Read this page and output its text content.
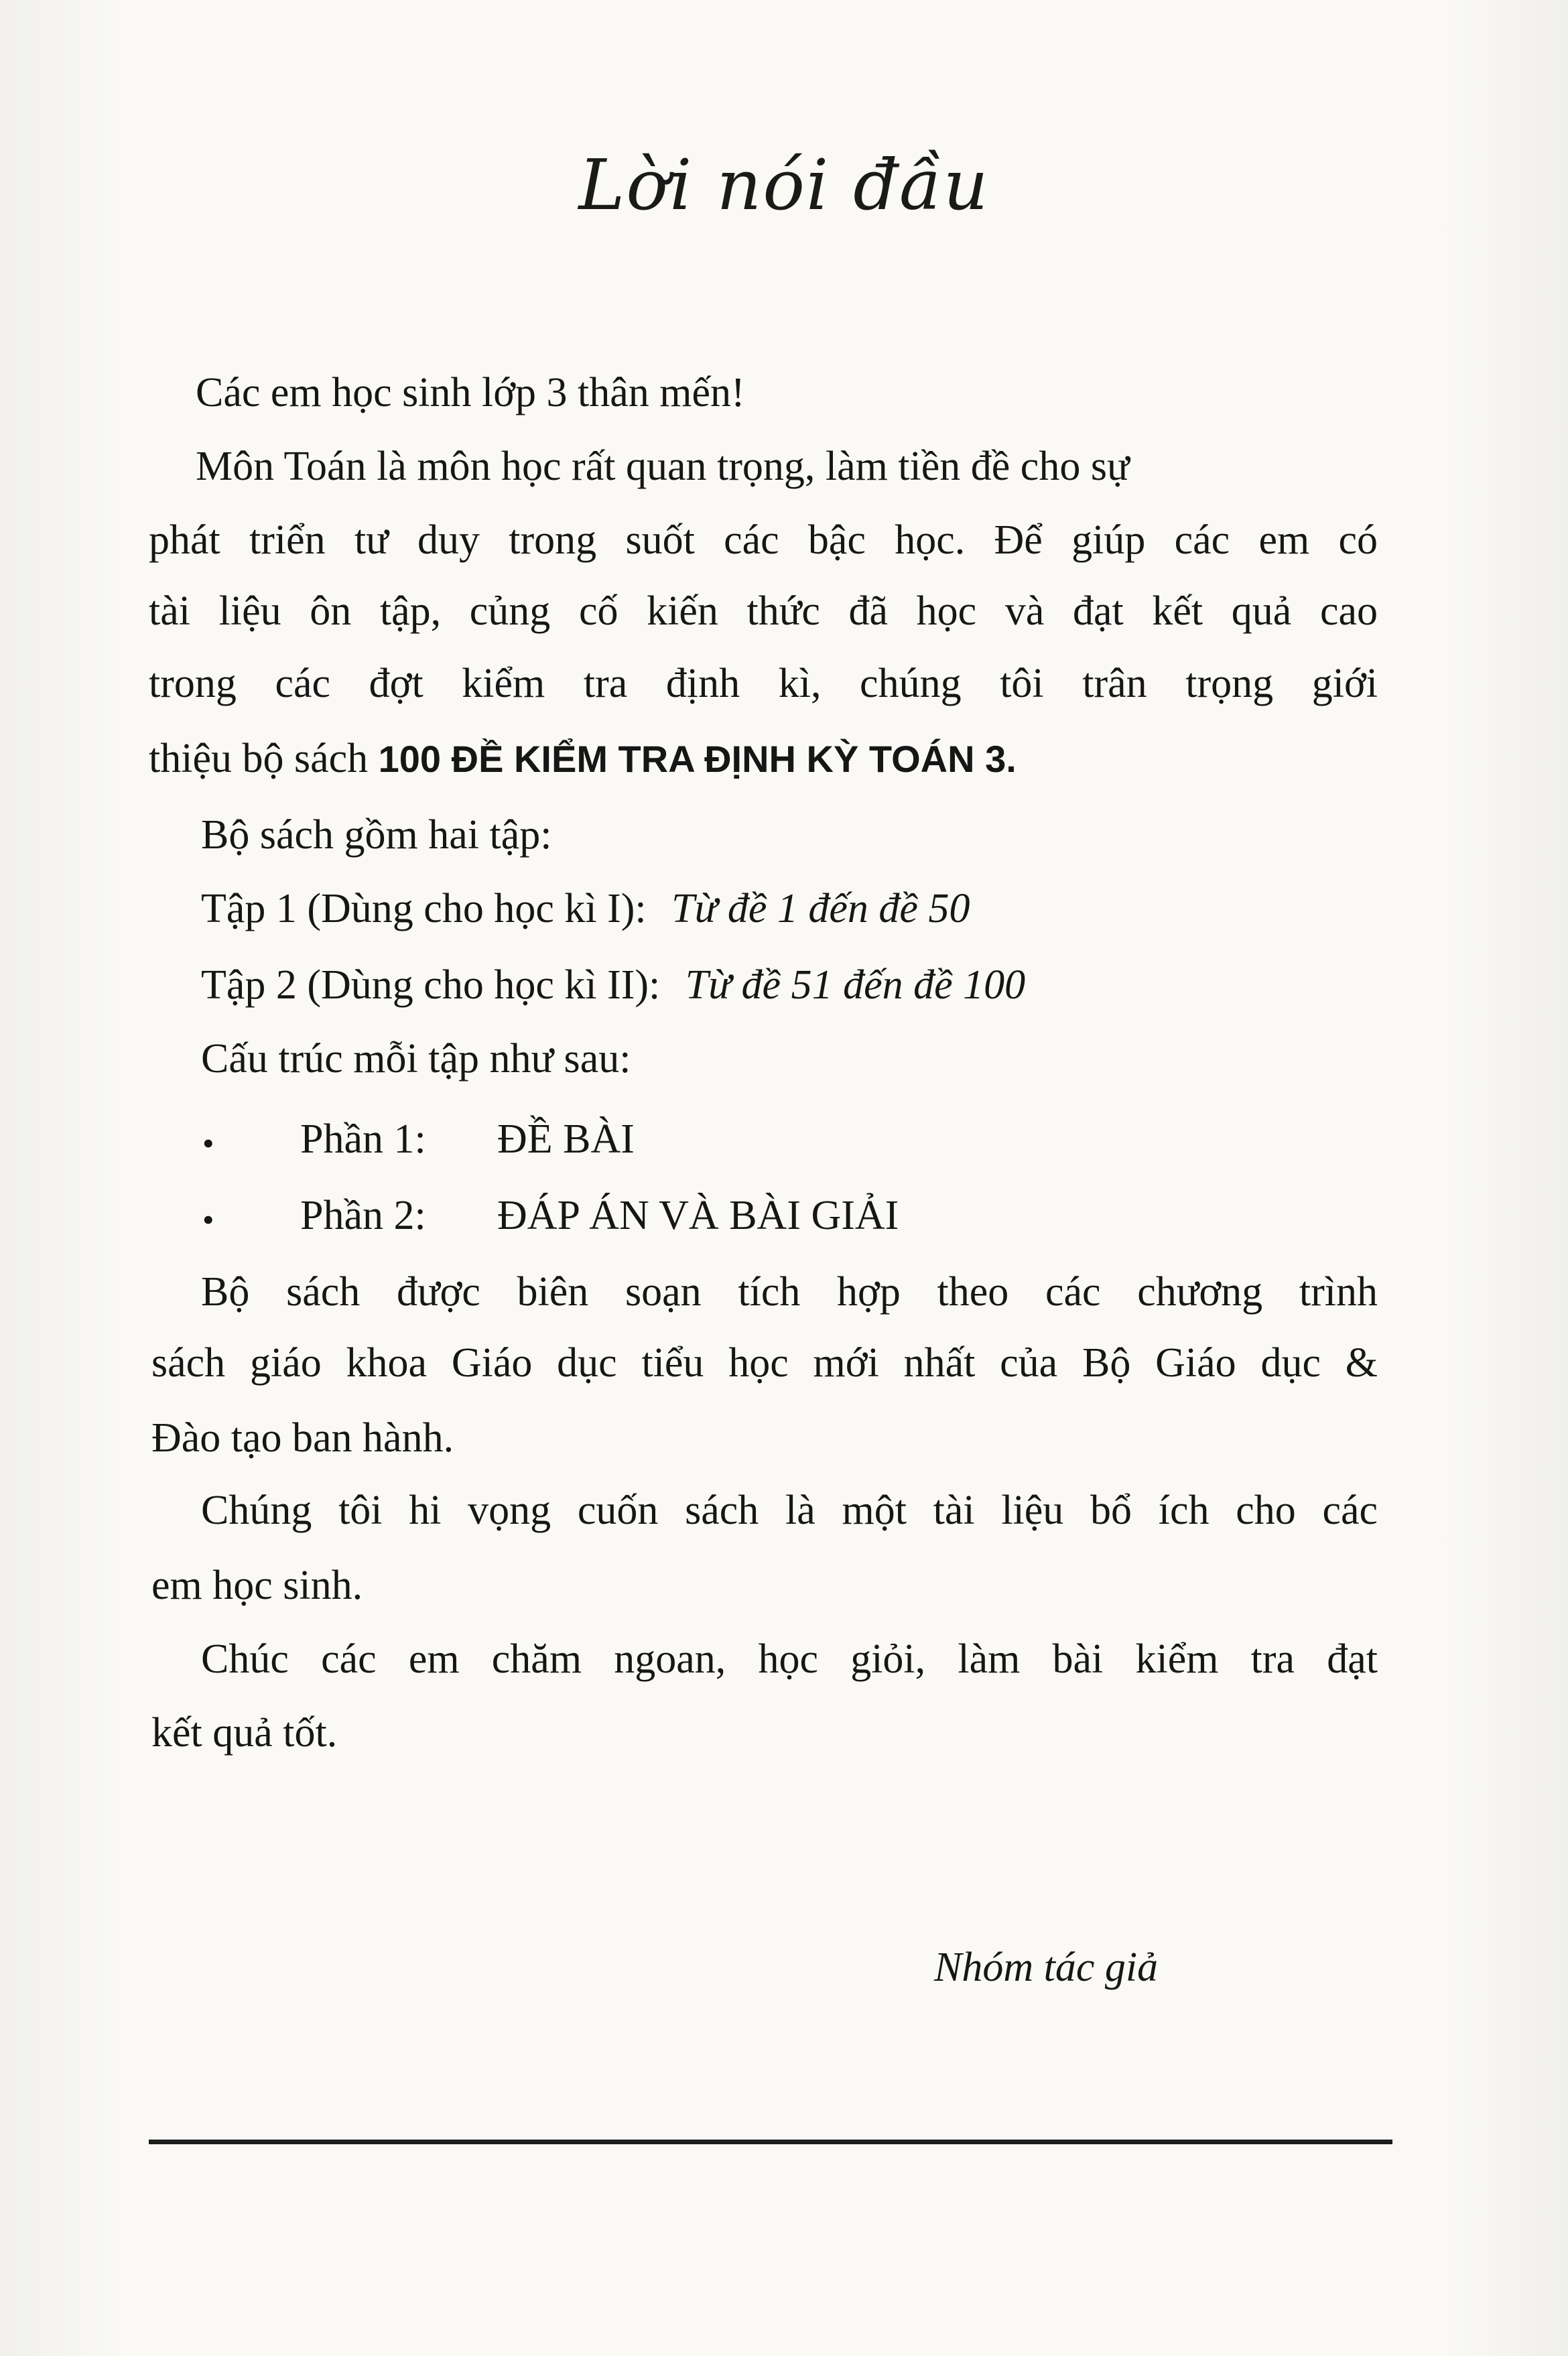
Lời nói đầu
Các em học sinh lớp 3 thân mến!
Môn Toán là môn học rất quan trọng, làm tiền đề cho sự
phát triển tư duy trong suốt các bậc học. Để giúp các em có
tài liệu ôn tập, củng cố kiến thức đã học và đạt kết quả cao
trong các đợt kiểm tra định kì, chúng tôi trân trọng giới
thiệu bộ sách 100 ĐỀ KIỂM TRA ĐỊNH KỲ TOÁN 3.
Bộ sách gồm hai tập:
Tập 1 (Dùng cho học kì I): Từ đề 1 đến đề 50
Tập 2 (Dùng cho học kì II): Từ đề 51 đến đề 100
Cấu trúc mỗi tập như sau:
• Phần 1: ĐỀ BÀI
• Phần 2: ĐÁP ÁN VÀ BÀI GIẢI
Bộ sách được biên soạn tích hợp theo các chương trình
sách giáo khoa Giáo dục tiểu học mới nhất của Bộ Giáo dục &
Đào tạo ban hành.
Chúng tôi hi vọng cuốn sách là một tài liệu bổ ích cho các
em học sinh.
Chúc các em chăm ngoan, học giỏi, làm bài kiểm tra đạt
kết quả tốt.
Nhóm tác giả
